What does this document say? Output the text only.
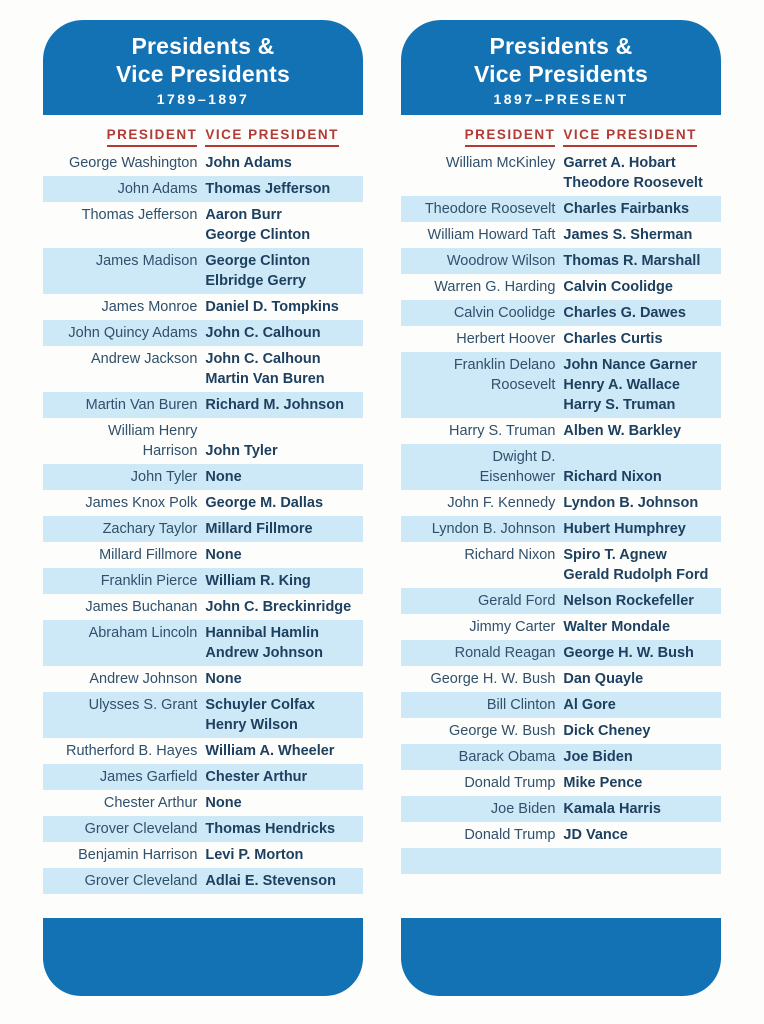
Presidents &
Vice Presidents
1789–1897
PRESIDENT VICE PRESIDENT
George Washington John Adams
John Adams Thomas Jefferson
Thomas Jefferson Aaron Burr
George Clinton
James Madison George Clinton
Elbridge Gerry
James Monroe Daniel D. Tompkins
John Quincy Adams John C. Calhoun
Andrew Jackson John C. Calhoun
Martin Van Buren
Martin Van Buren Richard M. Johnson
William Henry
Harrison John Tyler
John Tyler None
James Knox Polk George M. Dallas
Zachary Taylor Millard Fillmore
Millard Fillmore None
Franklin Pierce William R. King
James Buchanan John C. Breckinridge
Abraham Lincoln Hannibal Hamlin
Andrew Johnson
Andrew Johnson None
Ulysses S. Grant Schuyler Colfax
Henry Wilson
Rutherford B. Hayes William A. Wheeler
James Garfield Chester Arthur
Chester Arthur None
Grover Cleveland Thomas Hendricks
Benjamin Harrison Levi P. Morton
Grover Cleveland Adlai E. Stevenson
Presidents &
Vice Presidents
1897–PRESENT
PRESIDENT VICE PRESIDENT
William McKinley Garret A. Hobart
Theodore Roosevelt
Theodore Roosevelt Charles Fairbanks
William Howard Taft James S. Sherman
Woodrow Wilson Thomas R. Marshall
Warren G. Harding Calvin Coolidge
Calvin Coolidge Charles G. Dawes
Herbert Hoover Charles Curtis
Franklin Delano
Roosevelt
John Nance Garner
Henry A. Wallace
Harry S. Truman
Harry S. Truman Alben W. Barkley
Dwight D.
Eisenhower Richard Nixon
John F. Kennedy Lyndon B. Johnson
Lyndon B. Johnson Hubert Humphrey
Richard Nixon Spiro T. Agnew
Gerald Rudolph Ford
Gerald Ford Nelson Rockefeller
Jimmy Carter Walter Mondale
Ronald Reagan George H. W. Bush
George H. W. Bush Dan Quayle
Bill Clinton Al Gore
George W. Bush Dick Cheney
Barack Obama Joe Biden
Donald Trump Mike Pence
Joe Biden Kamala Harris
Donald Trump JD Vance
